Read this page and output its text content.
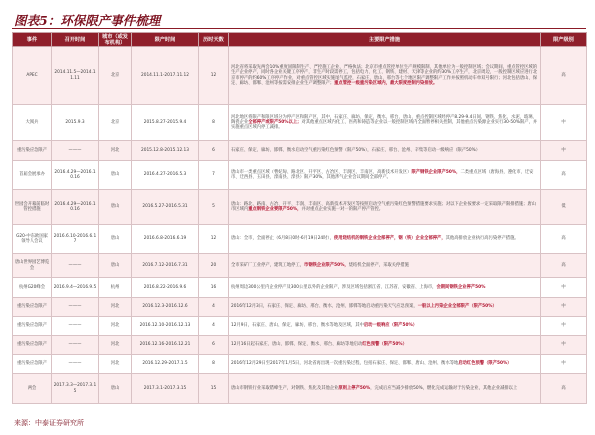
图表5：环保限产事件梳理
事件	召开时间	城市（或发布机构）	限产时间	历时天数	主要限产措施	限产级别
APEC	2014.11.5—2014.11.11	北京	2014.11.1-2017.11.12	12	河北省将采取先两会10%重度固限制生产、严控施工企业、严格执法；北京市重点管控单位生产规模限制、其他单位为一般控制区域；会议期间，重点管控区域的生产企业停产，同时各企业关键工序停产，非生产时段需停工，包括电力、化工、钢铁、建材、天津等企业的约30%工序生产，北京周边，一般控制区域应进行北京市停产的约60%工序停产作业，对重点管控区域实施尾气监控，石家庄、唐山、邢台等七个地区限产调整限产工作并按照机动车单双号限行；河北包括唐山、保定、廊坊、邯郸、沧州等按需安排企业生产调整限产；重点管控一级重污染区域内，最大限度控制污染排放。	高
大阅兵	2015.9.3	北京	2015.8.27-2015.9.4	8	河北地区将限产和限区域分为停产区和限产区，其中，石家庄、廊坊、保定、衡水、邢台、唐山、重点控制区域经停产8.29-9.4日间，钢铁、焦化、水泥、玻璃、陶瓷企业全部停产或限产50%以上；对其他重点区域内化工、医药和铸造等企业以一般控制区域内全面暂停相关控制，其他重点污染源企业实行30-50%限产，并实施重点区域内停工减排。	中
重污染应急限产	———	河北	2015.12.8-2015.12.13	6	石家庄、保定、廊坊、邯郸、衡水启动空气重污染红色预警（限产50%），石家庄、邢台、沧州、辛集等启动一级响应（限产50%）	中
首届会展承办	2016.4.29—2016.10.16	唐山	2016.4.27-2016.5.3	7	唐山市一类重点区域（曹妃甸、路北区、开平区、古冶区、丰润区、丰南区、高新技术开发区）限产钢铁企业限产50%，二类重点区域（唐海县，遵化市、迁安市、迁西县、玉田县、滦南县、滦县）限产30%，其他涉气企业会议期间全部停产。	高
世园会开幕前临时管控措施	2016.4.29—2016.10.16	唐山	2016.5.27-2016.5.31	5	唐山：路北、路南、古冶、开平、丰润、丰南区、高新技术开发区等按照启动空气重污染红色预警措施要求实施；对以下企业按要求一定采取限产限排措施；唐山市区域内重点钢铁企业要限产50%，并对重点企业实施一对一的限产停产管控。	低
G20-中东欧国家领导人会议	2016.6.10-2016.6.17	唐山	2016.6.8-2016.6.19	12	唐山：全市，全面停止（6月8日0时-6月19日24时），使用烧结机的钢铁企业全部停产，钢（铁）企业全部停产，其他高排放企业执行高污染停产措施。	高
唐山世界园艺博览会	———	唐山	2016.7.12-2016.7.31	20	全市采矿厂工业停产，建筑工地停工，市钢铁企业限产50%，烧结机全面停产，采取关停措施	高
杭州G20峰会	2016.9.4—2016.9.5	杭州	2016.8.22-2016.9.6	16	杭州周边300公里内企业停产及300公里以外的企业限产，涉及区域包括浙江省、江苏省、安徽省、上海市，会期间钢铁企业停产50%	中
重污染应急限产	———	河北	2016.12.3-2016.12.6	4	2016年12月3日，石家庄、保定、廊坊、邢台、衡水、沧州、邯郸等地启动重污染天气应急预案，一般以上污染企业全部限产（限产50%）	中
重污染应急限产	———	河北	2016.12.10-2016.12.13	4	12月9日，石家庄、唐山、保定、廊坊、邢台、衡水等地及区域，其中启动一级响应（限产50%）	中
重污染应急限产	———	河北	2016.12.16-2016.12.21	6	12月16日起石家庄、唐山、邯郸、保定、衡水、邢台、廊坊等地启动红色预警（限产50%）	中
重污染应急限产	———	河北	2016.12.29-2017.1.5	8	2016年12月29日至2017年1月5日，河北省再出现一次重污染过程，包括石家庄、保定、邯郸、唐山、沧州、衡水等地启动红色预警（限产50%）	中
两会	2017.3.3—2017.3.15	唐山	2017.3.1-2017.3.15	15	唐山市钢铁行业采取错峰生产，对钢铁、焦化及其他企业原则上停产50%，完成后应当减少排放50%，燃化完成运输对于污染企业，其他企业减排以上	高
来源：中泰证券研究所
